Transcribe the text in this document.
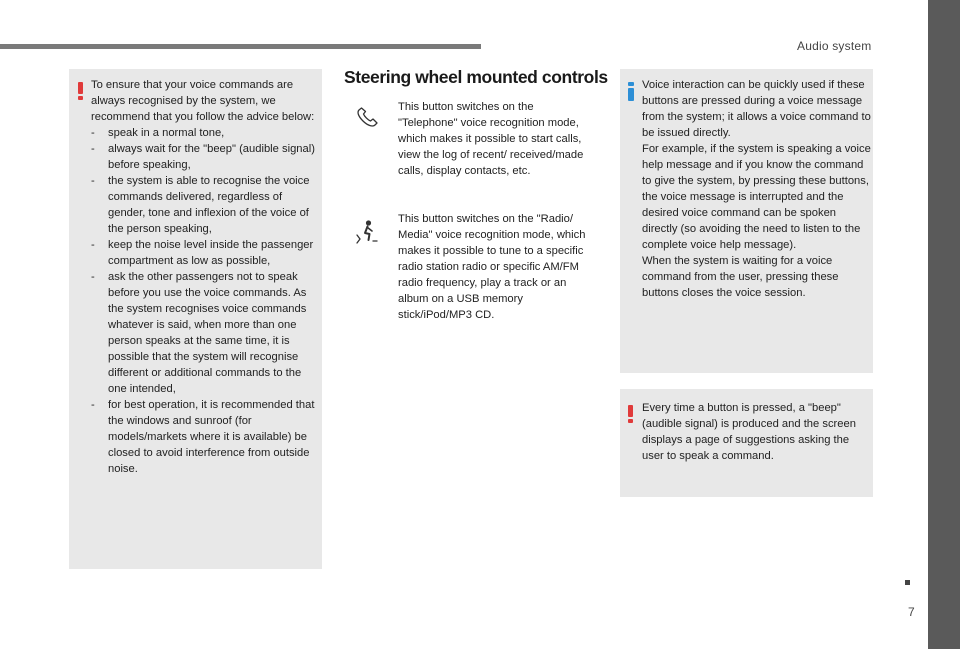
Audio system
To ensure that your voice commands are always recognised by the system, we recommend that you follow the advice below:
- speak in a normal tone,
- always wait for the "beep" (audible signal) before speaking,
- the system is able to recognise the voice commands delivered, regardless of gender, tone and inflexion of the voice of the person speaking,
- keep the noise level inside the passenger compartment as low as possible,
- ask the other passengers not to speak before you use the voice commands. As the system recognises voice commands whatever is said, when more than one person speaks at the same time, it is possible that the system will recognise different or additional commands to the one intended,
- for best operation, it is recommended that the windows and sunroof (for models/markets where it is available) be closed to avoid interference from outside noise.
Steering wheel mounted controls
This button switches on the "Telephone" voice recognition mode, which makes it possible to start calls, view the log of recent/ received/made calls, display contacts, etc.
This button switches on the "Radio/ Media" voice recognition mode, which makes it possible to tune to a specific radio station radio or specific AM/FM radio frequency, play a track or an album on a USB memory stick/iPod/MP3 CD.
Voice interaction can be quickly used if these buttons are pressed during a voice message from the system; it allows a voice command to be issued directly.
For example, if the system is speaking a voice help message and if you know the command to give the system, by pressing these buttons, the voice message is interrupted and the desired voice command can be spoken directly (so avoiding the need to listen to the complete voice help message).
When the system is waiting for a voice command from the user, pressing these buttons closes the voice session.
Every time a button is pressed, a "beep" (audible signal) is produced and the screen displays a page of suggestions asking the user to speak a command.
7
